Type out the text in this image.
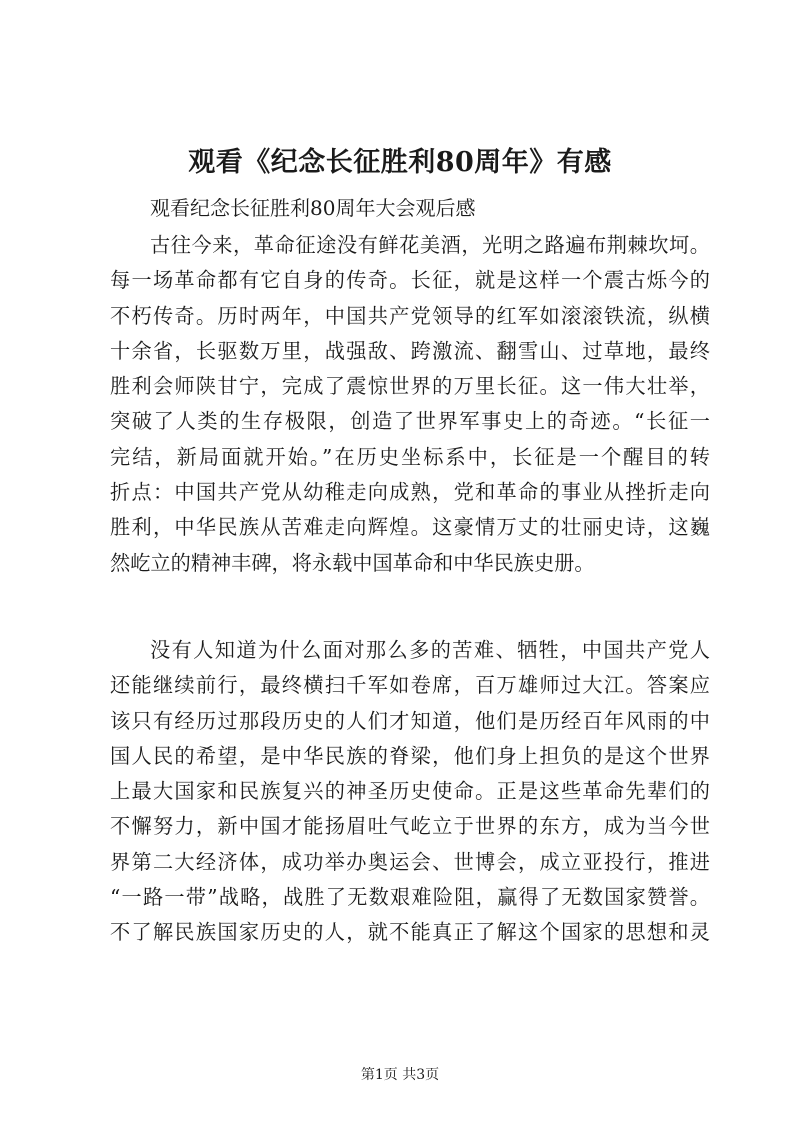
观看《纪念长征胜利80周年》有感

观看纪念长征胜利80周年大会观后感

古往今来，革命征途没有鲜花美酒，光明之路遍布荆棘坎坷。
每一场革命都有它自身的传奇。长征，就是这样一个震古烁今的
不朽传奇。历时两年，中国共产党领导的红军如滚滚铁流，纵横
十余省，长驱数万里，战强敌、跨激流、翻雪山、过草地，最终
胜利会师陕甘宁，完成了震惊世界的万里长征。这一伟大壮举，
突破了人类的生存极限，创造了世界军事史上的奇迹。“长征一
完结，新局面就开始。”在历史坐标系中，长征是一个醒目的转
折点：中国共产党从幼稚走向成熟，党和革命的事业从挫折走向
胜利，中华民族从苦难走向辉煌。这豪情万丈的壮丽史诗，这巍
然屹立的精神丰碑，将永载中国革命和中华民族史册。
没有人知道为什么面对那么多的苦难、牺牲，中国共产党人
还能继续前行，最终横扫千军如卷席，百万雄师过大江。答案应
该只有经历过那段历史的人们才知道，他们是历经百年风雨的中
国人民的希望，是中华民族的脊梁，他们身上担负的是这个世界
上最大国家和民族复兴的神圣历史使命。正是这些革命先辈们的
不懈努力，新中国才能扬眉吐气屹立于世界的东方，成为当今世
界第二大经济体，成功举办奥运会、世博会，成立亚投行，推进
“一路一带”战略，战胜了无数艰难险阻，赢得了无数国家赞誉。
不了解民族国家历史的人，就不能真正了解这个国家的思想和灵

第1页 共3页
